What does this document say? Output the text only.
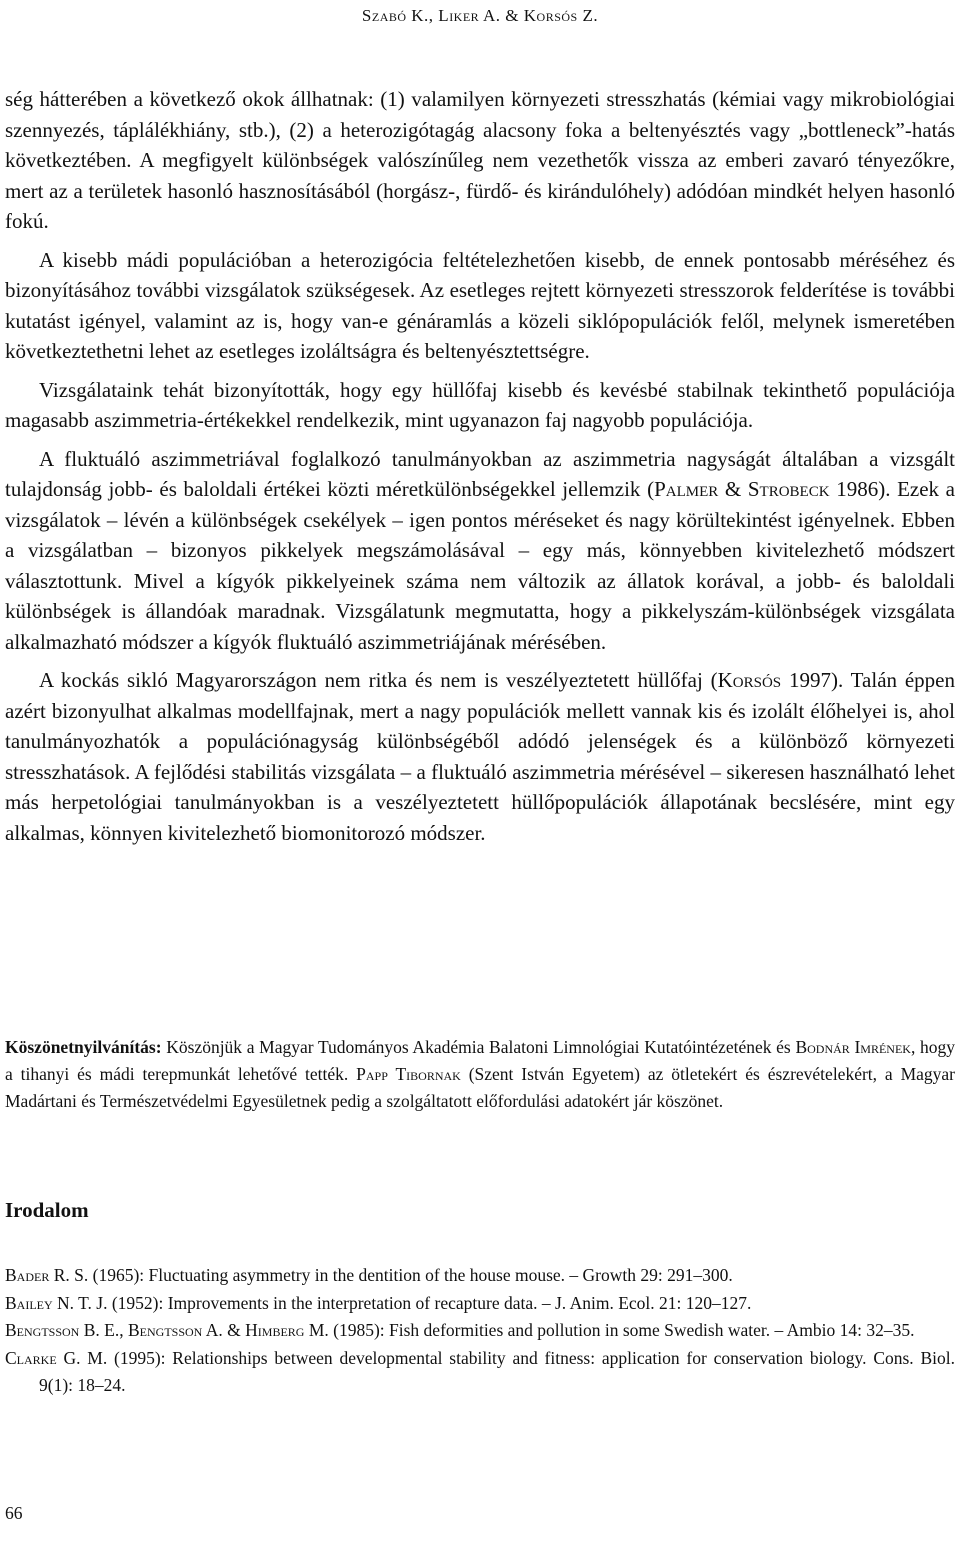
Szabó K., Liker A. & Korsós Z.

ség hátterében a következő okok állhatnak: (1) valamilyen környezeti stresszhatás (kémiai vagy mikrobiológiai szennyezés, táplálékhiány, stb.), (2) a heterozigótagág alacsony foka a beltenyésztés vagy „bottleneck”-hatás következtében. A megfigyelt különbségek valószínűleg nem vezethetők vissza az emberi zavaró tényezőkre, mert az a területek hasonló hasznosításából (horgász-, fürdő- és kirándulóhely) adódóan mindkét helyen hasonló fokú.

A kisebb mádi populációban a heterozigócia feltételezhetően kisebb, de ennek pontosabb méréséhez és bizonyításához további vizsgálatok szükségesek. Az esetleges rejtett környezeti stresszorok felderítése is további kutatást igényel, valamint az is, hogy van-e génáramlás a közeli siklópopulációk felől, melynek ismeretében következtethetni lehet az esetleges izoláltságra és beltenyésztettségre.

Vizsgálataink tehát bizonyították, hogy egy hüllőfaj kisebb és kevésbé stabilnak tekinthető populációja magasabb aszimmetria-értékekkel rendelkezik, mint ugyanazon faj nagyobb populációja.

A fluktuáló aszimmetriával foglalkozó tanulmányokban az aszimmetria nagyságát általában a vizsgált tulajdonság jobb- és baloldali értékei közti méretkülönbségekkel jellemzik (Palmer & Strobeck 1986). Ezek a vizsgálatok ‒ lévén a különbségek csekélyek ‒ igen pontos méréseket és nagy körültekintést igényelnek. Ebben a vizsgálatban ‒ bizonyos pikkelyek megszámolásával ‒ egy más, könnyebben kivitelezhető módszert választottunk. Mivel a kígyók pikkelyeinek száma nem változik az állatok korával, a jobb- és baloldali különbségek is állandóak maradnak. Vizsgálatunk megmutatta, hogy a pikkelyszám-különbségek vizsgálata alkalmazható módszer a kígyók fluktuáló aszimmetriájának mérésében.

A kockás sikló Magyarországon nem ritka és nem is veszélyeztetett hüllőfaj (Korsós 1997). Talán éppen azért bizonyulhat alkalmas modellfajnak, mert a nagy populációk mellett vannak kis és izolált élőhelyei is, ahol tanulmányozhatók a populációnagyság különbségéből adódó jelenségek és a különböző környezeti stresszhatások. A fejlődési stabilitás vizsgálata ‒ a fluktuáló aszimmetria mérésével ‒ sikeresen használható lehet más herpetológiai tanulmányokban is a veszélyeztetett hüllőpopulációk állapotának becslésére, mint egy alkalmas, könnyen kivitelezhető biomonitorozó módszer.

Köszönetnyilvánítás: Köszönjük a Magyar Tudományos Akadémia Balatoni Limnológiai Kutatóintézetének és Bodnár Imrének, hogy a tihanyi és mádi terepmunkát lehetővé tették. Papp Tibornak (Szent István Egyetem) az ötletekért és észrevételekért, a Magyar Madártani és Természetvédelmi Egyesületnek pedig a szolgáltatott előfordulási adatokért jár köszönet.
Irodalom
Bader R. S. (1965): Fluctuating asymmetry in the dentition of the house mouse. ‒ Growth 29: 291‒300.
Bailey N. T. J. (1952): Improvements in the interpretation of recapture data. ‒ J. Anim. Ecol. 21: 120‒127.
Bengtsson B. E., Bengtsson A. & Himberg M. (1985): Fish deformities and pollution in some Swedish water. ‒ Ambio 14: 32‒35.
Clarke G. M. (1995): Relationships between developmental stability and fitness: application for conservation biology. Cons. Biol. 9(1): 18‒24.
66
